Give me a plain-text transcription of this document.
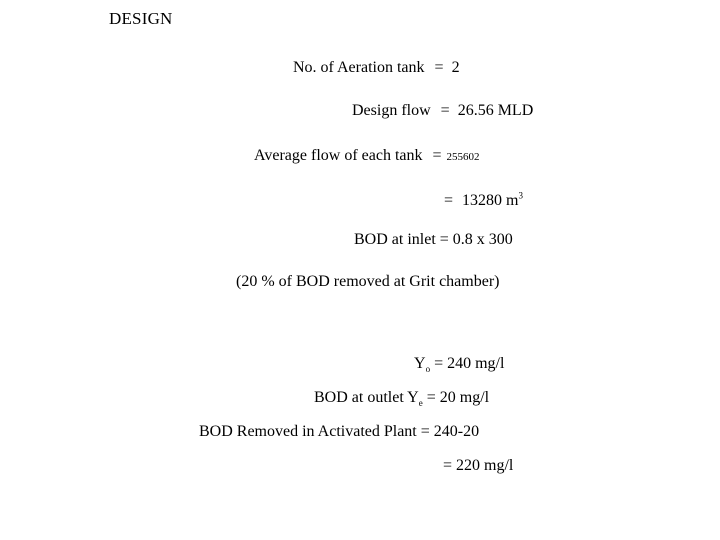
DESIGN
No. of Aeration tank = 2
Design flow = 26.56 MLD
Average flow of each tank = 255602
= 13280 $m^3$
BOD at inlet = 0.8 x 300
(20 % of BOD removed at Grit chamber)
$Y_o = 240$ mg/l
BOD at outlet $Y_e = 20$ mg/l
BOD Removed in Activated Plant = 240-20
= 220 mg/l
